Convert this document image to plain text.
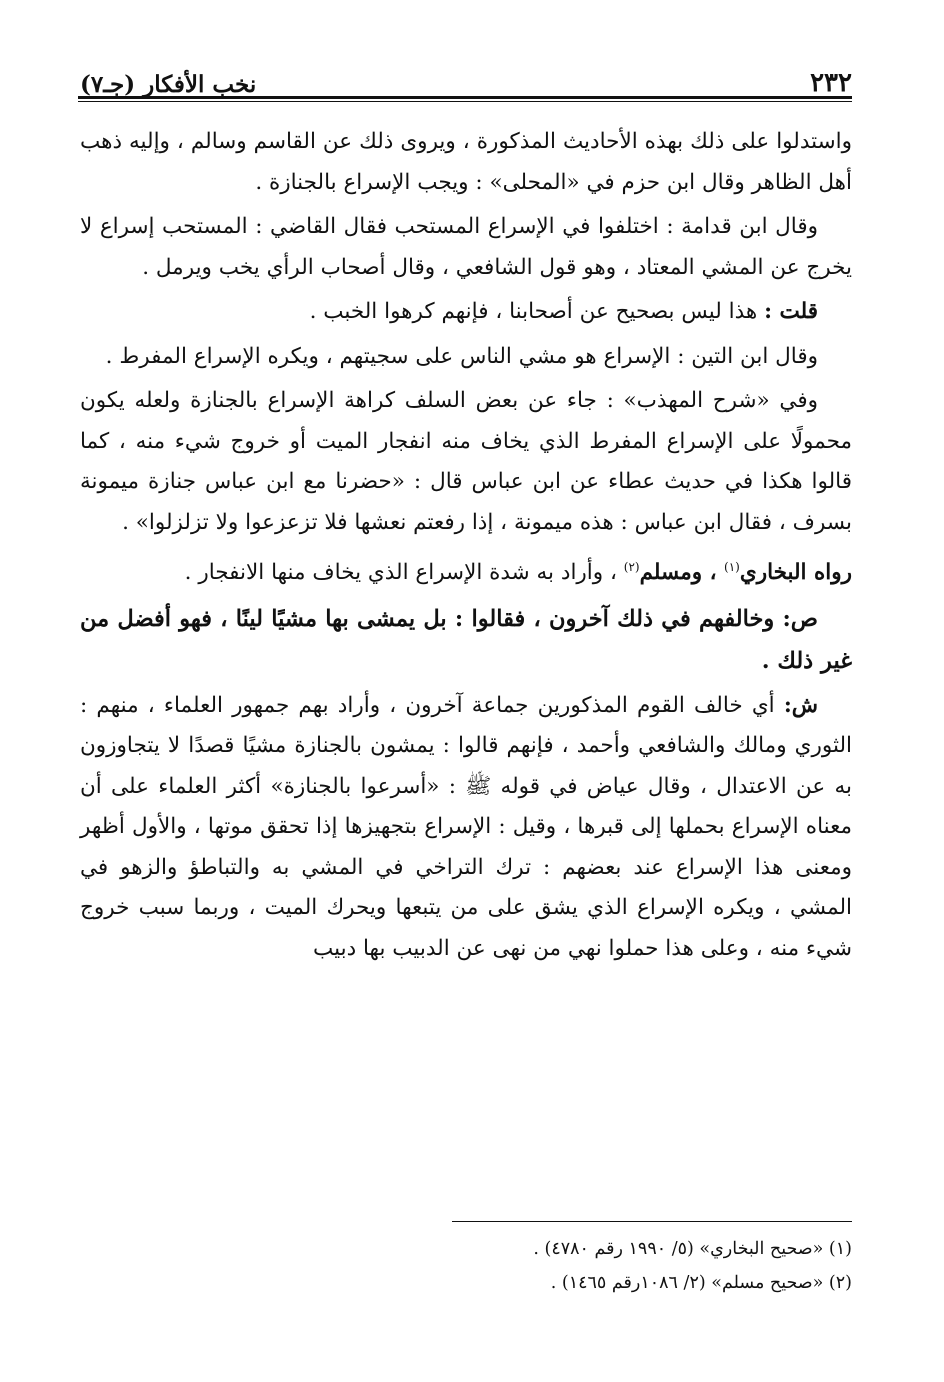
٢٣٢
نخب الأفكار (جـ٧)

واستدلوا على ذلك بهذه الأحاديث المذكورة ، ويروى ذلك عن القاسم وسالم ، وإليه ذهب أهل الظاهر وقال ابن حزم في «المحلى» : ويجب الإسراع بالجنازة .

وقال ابن قدامة : اختلفوا في الإسراع المستحب فقال القاضي : المستحب إسراع لا يخرج عن المشي المعتاد ، وهو قول الشافعي ، وقال أصحاب الرأي يخب ويرمل .

قلت : هذا ليس بصحيح عن أصحابنا ، فإنهم كرهوا الخبب .

وقال ابن التين : الإسراع هو مشي الناس على سجيتهم ، ويكره الإسراع المفرط .

وفي «شرح المهذب» : جاء عن بعض السلف كراهة الإسراع بالجنازة ولعله يكون محمولًا على الإسراع المفرط الذي يخاف منه انفجار الميت أو خروج شيء منه ، كما قالوا هكذا في حديث عطاء عن ابن عباس قال : «حضرنا مع ابن عباس جنازة ميمونة بسرف ، فقال ابن عباس : هذه ميمونة ، إذا رفعتم نعشها فلا تزعزعوا ولا تزلزلوا» .

رواه البخاري$^{(١)}$ ، ومسلم$^{(٢)}$ ، وأراد به شدة الإسراع الذي يخاف منها الانفجار .

ص: وخالفهم في ذلك آخرون ، فقالوا : بل يمشى بها مشيًا لينًا ، فهو أفضل من غير ذلك .

ش: أي خالف القوم المذكورين جماعة آخرون ، وأراد بهم جمهور العلماء ، منهم : الثوري ومالك والشافعي وأحمد ، فإنهم قالوا : يمشون بالجنازة مشيًا قصدًا لا يتجاوزون به عن الاعتدال ، وقال عياض في قوله ﷺ : «أسرعوا بالجنازة» أكثر العلماء على أن معناه الإسراع بحملها إلى قبرها ، وقيل : الإسراع بتجهيزها إذا تحقق موتها ، والأول أظهر ومعنى هذا الإسراع عند بعضهم : ترك التراخي في المشي به والتباطؤ والزهو في المشي ، ويكره الإسراع الذي يشق على من يتبعها ويحرك الميت ، وربما سبب خروج شيء منه ، وعلى هذا حملوا نهي من نهى عن الدبيب بها دبيب

(١) «صحيح البخاري» (٥/ ١٩٩٠ رقم ٤٧٨٠) .

(٢) «صحيح مسلم» (٢/ ١٠٨٦رقم ١٤٦٥) .
